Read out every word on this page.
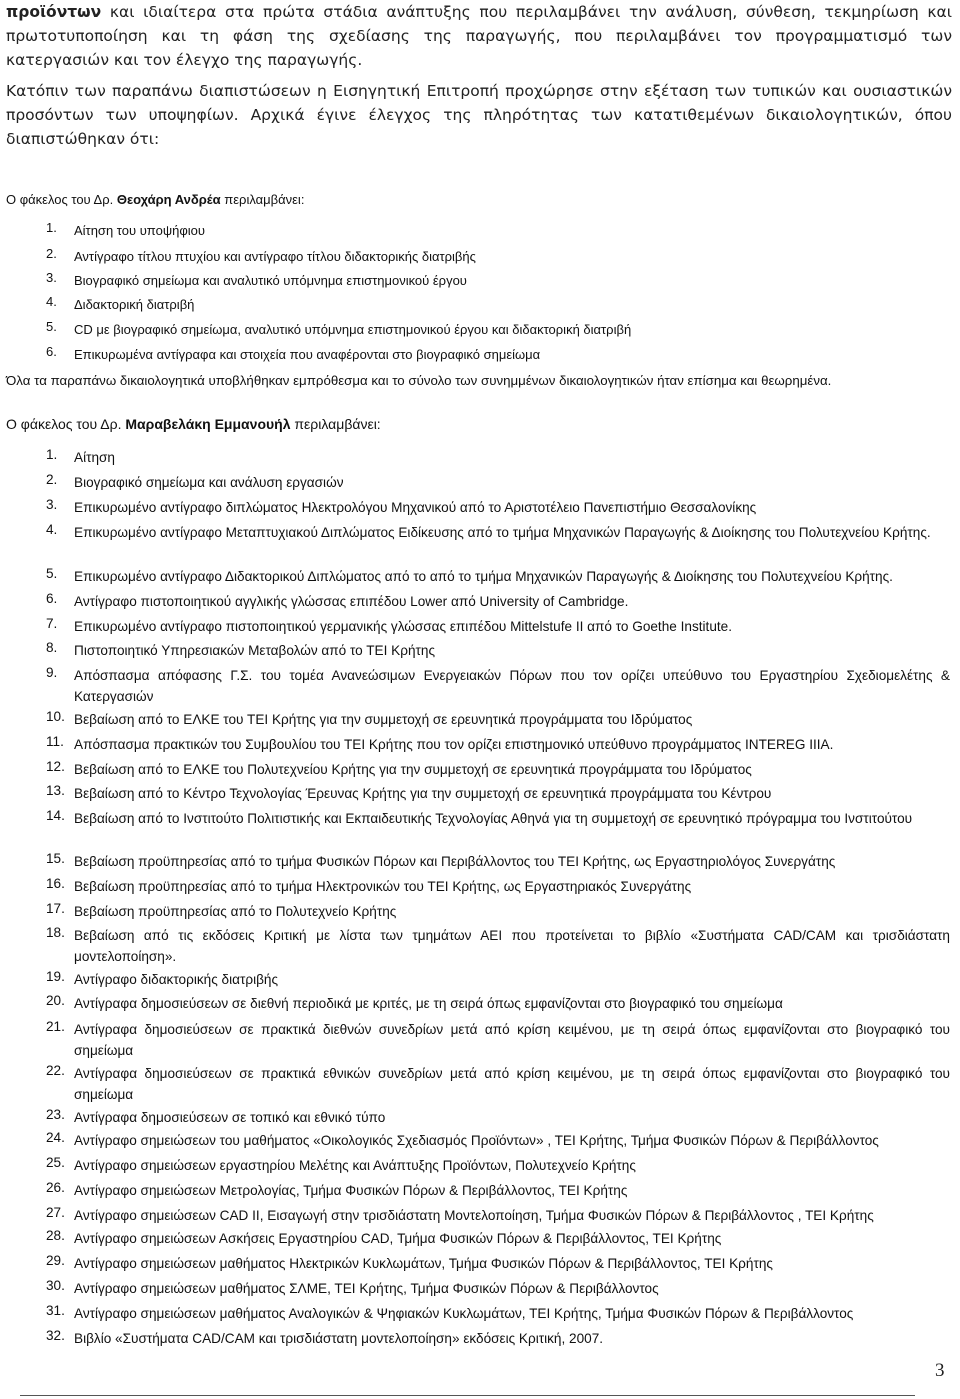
προϊόντων και ιδιαίτερα στα πρώτα στάδια ανάπτυξης που περιλαμβάνει την ανάλυση, σύνθεση, τεκμηρίωση και πρωτοτυποποίηση και τη φάση της σχεδίασης της παραγωγής, που περιλαμβάνει τον προγραμματισμό των κατεργασιών και τον έλεγχο της παραγωγής.

Κατόπιν των παραπάνω διαπιστώσεων η Εισηγητική Επιτροπή προχώρησε στην εξέταση των τυπικών και ουσιαστικών προσόντων των υποψηφίων. Αρχικά έγινε έλεγχος της πληρότητας των κατατιθεμένων δικαιολογητικών, όπου διαπιστώθηκαν ότι:

Ο φάκελος του Δρ. Θεοχάρη Ανδρέα περιλαμβάνει:
1.	Αίτηση του υποψήφιου
2.	Αντίγραφο τίτλου πτυχίου και αντίγραφο τίτλου διδακτορικής διατριβής
3.	Βιογραφικό σημείωμα και αναλυτικό υπόμνημα επιστημονικού έργου
4.	Διδακτορική διατριβή
5.	CD με βιογραφικό σημείωμα, αναλυτικό υπόμνημα επιστημονικού έργου και διδακτορική διατριβή
6.	Επικυρωμένα αντίγραφα και στοιχεία που αναφέρονται στο βιογραφικό σημείωμα
Όλα τα παραπάνω δικαιολογητικά υποβλήθηκαν εμπρόθεσμα και το σύνολο των συνημμένων δικαιολογητικών ήταν επίσημα και θεωρημένα.
Ο φάκελος του Δρ. Μαραβελάκη Εμμανουήλ περιλαμβάνει:
1.	Αίτηση
2.	Βιογραφικό σημείωμα και ανάλυση εργασιών
3.	Επικυρωμένο αντίγραφο διπλώματος Ηλεκτρολόγου Μηχανικού από το Αριστοτέλειο Πανεπιστήμιο Θεσσαλονίκης
4.	Επικυρωμένο αντίγραφο Μεταπτυχιακού Διπλώματος Ειδίκευσης από το τμήμα Μηχανικών Παραγωγής & Διοίκησης του Πολυτεχνείου Κρήτης.
5.	Επικυρωμένο αντίγραφο Διδακτορικού Διπλώματος από το από το τμήμα Μηχανικών Παραγωγής & Διοίκησης του Πολυτεχνείου Κρήτης.
6.	Αντίγραφο πιστοποιητικού αγγλικής γλώσσας επιπέδου Lower από University of Cambridge.
7.	Επικυρωμένο αντίγραφο πιστοποιητικού γερμανικής γλώσσας επιπέδου Mittelstufe II από το Goethe Institute.
8.	Πιστοποιητικό Υπηρεσιακών Μεταβολών από το ΤΕΙ Κρήτης
9.	Απόσπασμα απόφασης Γ.Σ. του τομέα Ανανεώσιμων Ενεργειακών Πόρων που τον ορίζει υπεύθυνο του Εργαστηρίου Σχεδιομελέτης & Κατεργασιών
10. Βεβαίωση από το ΕΛΚΕ του ΤΕΙ Κρήτης για την συμμετοχή σε ερευνητικά προγράμματα του Ιδρύματος
11. Απόσπασμα πρακτικών του Συμβουλίου του ΤΕΙ Κρήτης που τον ορίζει επιστημονικό υπεύθυνο προγράμματος INTEREG IIIA.
12. Βεβαίωση από το ΕΛΚΕ του Πολυτεχνείου Κρήτης για την συμμετοχή σε ερευνητικά προγράμματα του Ιδρύματος
13. Βεβαίωση από το Κέντρο Τεχνολογίας Έρευνας Κρήτης για την συμμετοχή σε ερευνητικά προγράμματα του Κέντρου
14. Βεβαίωση από το Ινστιτούτο Πολιτιστικής και Εκπαιδευτικής Τεχνολογίας Αθηνά για τη συμμετοχή σε ερευνητικό πρόγραμμα του Ινστιτούτου
15. Βεβαίωση προϋπηρεσίας από το τμήμα Φυσικών Πόρων και Περιβάλλοντος του ΤΕΙ Κρήτης, ως Εργαστηριολόγος Συνεργάτης
16. Βεβαίωση προϋπηρεσίας από το τμήμα Ηλεκτρονικών του ΤΕΙ Κρήτης, ως Εργαστηριακός Συνεργάτης
17. Βεβαίωση προϋπηρεσίας από το Πολυτεχνείο Κρήτης
18. Βεβαίωση από τις εκδόσεις Κριτική με λίστα των τμημάτων ΑΕΙ που προτείνεται το βιβλίο «Συστήματα CAD/CAM και τρισδιάστατη μοντελοποίηση».
19. Αντίγραφο διδακτορικής διατριβής
20. Αντίγραφα δημοσιεύσεων σε διεθνή περιοδικά με κριτές, με τη σειρά όπως εμφανίζονται στο βιογραφικό του σημείωμα
21. Αντίγραφα δημοσιεύσεων σε πρακτικά διεθνών συνεδρίων μετά από κρίση κειμένου, με τη σειρά όπως εμφανίζονται στο βιογραφικό του σημείωμα
22. Αντίγραφα δημοσιεύσεων σε πρακτικά εθνικών συνεδρίων μετά από κρίση κειμένου, με τη σειρά όπως εμφανίζονται στο βιογραφικό του σημείωμα
23. Αντίγραφα δημοσιεύσεων σε τοπικό και εθνικό τύπο
24. Αντίγραφο σημειώσεων του μαθήματος «Οικολογικός Σχεδιασμός Προϊόντων» , ΤΕΙ Κρήτης, Τμήμα Φυσικών Πόρων & Περιβάλλοντος
25. Αντίγραφο σημειώσεων εργαστηρίου Μελέτης και Ανάπτυξης Προϊόντων, Πολυτεχνείο Κρήτης
26. Αντίγραφο σημειώσεων Μετρολογίας, Τμήμα Φυσικών Πόρων & Περιβάλλοντος, ΤΕΙ Κρήτης
27. Αντίγραφο σημειώσεων CAD II, Εισαγωγή στην τρισδιάστατη Μοντελοποίηση, Τμήμα Φυσικών Πόρων & Περιβάλλοντος , ΤΕΙ Κρήτης
28. Αντίγραφο σημειώσεων Ασκήσεις Εργαστηρίου CAD, Τμήμα Φυσικών Πόρων & Περιβάλλοντος, ΤΕΙ Κρήτης
29. Αντίγραφο σημειώσεων μαθήματος Ηλεκτρικών Κυκλωμάτων, Τμήμα Φυσικών Πόρων & Περιβάλλοντος, ΤΕΙ Κρήτης
30. Αντίγραφο σημειώσεων μαθήματος ΣΛΜΕ, ΤΕΙ Κρήτης, Τμήμα Φυσικών Πόρων & Περιβάλλοντος
31. Αντίγραφο σημειώσεων μαθήματος Αναλογικών & Ψηφιακών Κυκλωμάτων, ΤΕΙ Κρήτης, Τμήμα Φυσικών Πόρων & Περιβάλλοντος
32. Βιβλίο «Συστήματα CAD/CAM και τρισδιάστατη μοντελοποίηση» εκδόσεις Κριτική, 2007.
3
